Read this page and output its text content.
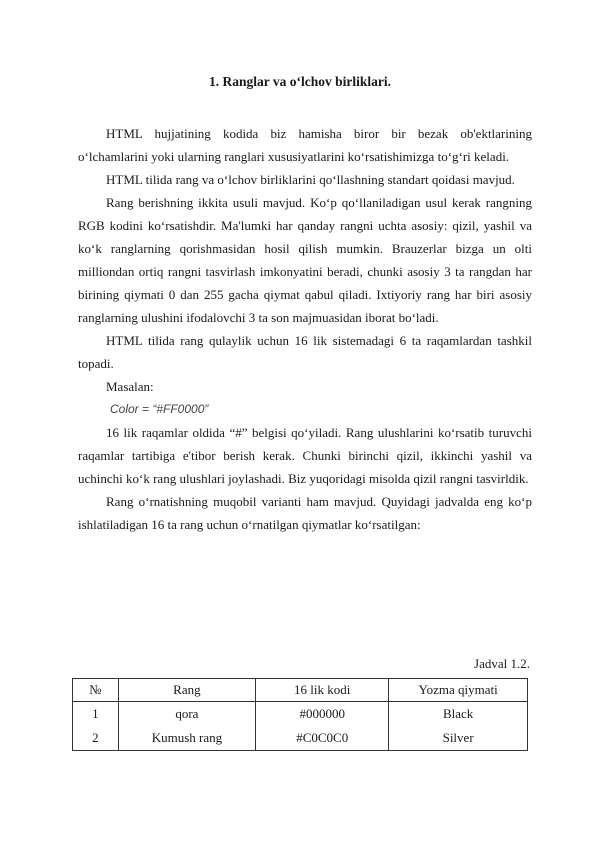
1. Ranglar va oʻlchov birliklari.

HTML hujjatining kodida biz hamisha biror bir bezak ob'ektlarining oʻlchamlarini yoki ularning ranglari xususiyatlarini koʻrsatishimizga toʻgʻri keladi.

HTML tilida rang va oʻlchov birliklarini qoʻllashning standart qoidasi mavjud.

Rang berishning ikkita usuli mavjud. Koʻp qoʻllaniladigan usul kerak rangning RGB kodini koʻrsatishdir. Ma'lumki har qanday rangni uchta asosiy: qizil, yashil va koʻk ranglarning qorishmasidan hosil qilish mumkin. Brauzerlar bizga un olti milliondan ortiq rangni tasvirlash imkonyatini beradi, chunki asosiy 3 ta rangdan har birining qiymati 0 dan 255 gacha qiymat qabul qiladi. Ixtiyoriy rang har biri asosiy ranglarning ulushini ifodalovchi 3 ta son majmuasidan iborat boʻladi.

HTML tilida rang qulaylik uchun 16 lik sistemadagi 6 ta raqamlardan tashkil topadi.

Masalan:

Color = “#FF0000”

16 lik raqamlar oldida “#” belgisi qoʻyiladi. Rang ulushlarini koʻrsatib turuvchi raqamlar tartibiga e'tibor berish kerak. Chunki birinchi qizil, ikkinchi yashil va uchinchi koʻk rang ulushlari joylashadi. Biz yuqoridagi misolda qizil rangni tasvirldik.

Rang oʻrnatishning muqobil varianti ham mavjud. Quyidagi jadvalda eng koʻp ishlatiladigan 16 ta rang uchun oʻrnatilgan qiymatlar koʻrsatilgan:

Jadval 1.2.
№	Rang	16 lik kodi	Yozma qiymati
1	qora	#000000	Black
2	Kumush rang	#C0C0C0	Silver
